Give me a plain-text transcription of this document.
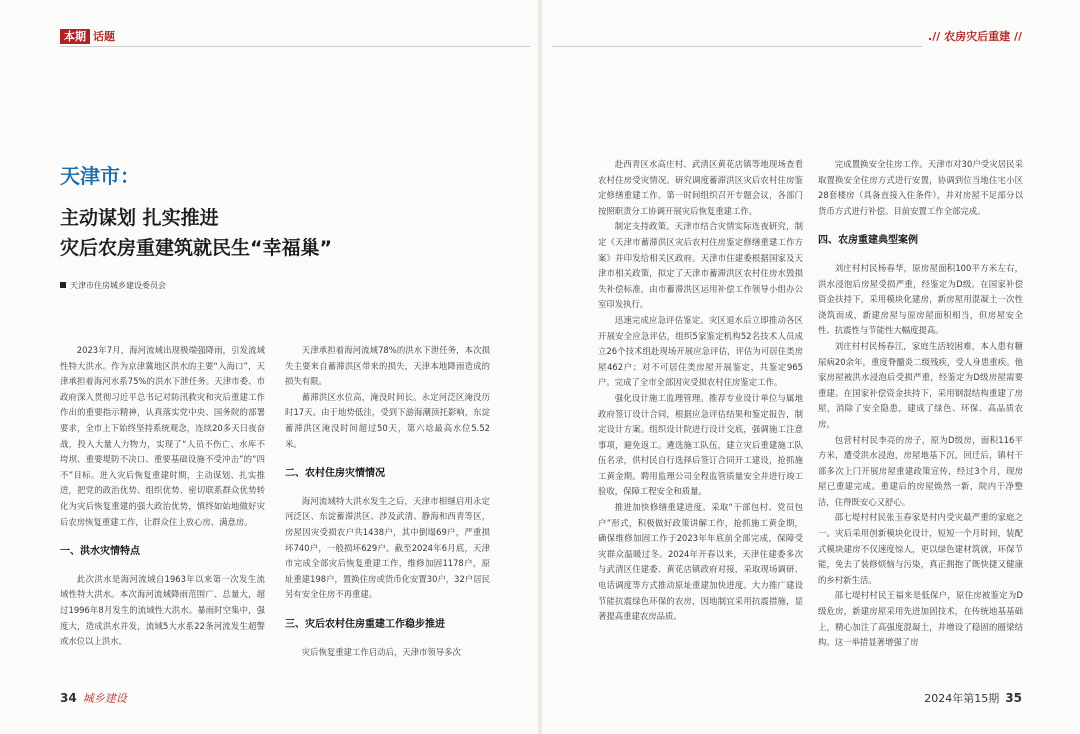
本期 话题	.// 农房灾后重建 //
天津市：
主动谋划 扎实推进
灾后农房重建筑就民生“幸福巢”
天津市住房城乡建设委员会

2023年7月，海河流域出现极端强降雨，引发流域性特大洪水。作为京津冀地区洪水的主要“入海口”，天津承担着海河水系75%的洪水下泄任务。天津市委、市政府深入贯彻习近平总书记对防汛救灾和灾后重建工作作出的重要指示精神，认真落实党中央、国务院的部署要求，全市上下始终坚持系统观念，连续20多天日夜奋战，投入大量人力物力，实现了“人员不伤亡、水库不垮坝、重要堤防不决口、重要基础设施不受冲击”的“四不”目标。进入灾后恢复重建时期，主动谋划、扎实推进，把党的政治优势、组织优势、密切联系群众优势转化为灾后恢复重建的强大政治优势，慎终如始地做好灾后农房恢复重建工作，让群众住上放心房、满意房。

一、洪水灾情特点

此次洪水是海河流域自1963年以来第一次发生流域性特大洪水。本次海河流域降雨范围广、总量大，超过1996年8月发生的流域性大洪水。暴雨时空集中，强度大，造成洪水并发，流域5大水系22条河流发生超警或水位以上洪水。

天津承担着海河流域78%的洪水下泄任务，本次损失主要来自蓄滞洪区带来的损失，天津本地降雨造成的损失有限。

蓄滞洪区水位高，淹没时间长。永定河泛区淹没历时17天。由于地势低洼，受到下游海潮顶托影响，东淀蓄滞洪区淹没时间超过50天，第六埝最高水位5.52米。

二、农村住房灾情情况

海河流域特大洪水发生之后，天津市相继启用永定河泛区、东淀蓄滞洪区、涉及武清、静海和西青等区，房屋因灾受损农户共1438户，其中倒塌69户，严重损坏740户，一般损坏629户。截至2024年6月底，天津市完成全部灾后恢复重建工作，维修加固1178户，原址重建198户，置换住房或货币化安置30户，32户居民另有安全住房不再重建。

三、灾后农村住房重建工作稳步推进

灾后恢复重建工作启动后，天津市领导多次

赴西青区水高庄村、武清区黄花店镇等地现场查看农村住房受灾情况。研究调度蓄滞洪区灾后农村住房鉴定修缮重建工作。第一时间组织召开专题会议，各部门按照职责分工协调开展灾后恢复重建工作。

制定支持政策。天津市结合灾情实际连夜研究，制定《天津市蓄滞洪区灾后农村住房鉴定修缮重建工作方案》并印发给相关区政府。天津市住建委根据国家及天津市相关政策，拟定了天津市蓄滞洪区农村住房水毁损失补偿标准，由市蓄滞洪区运用补偿工作领导小组办公室印发执行。

迅速完成应急评估鉴定。灾区退水后立即推动各区开展安全应急评估，组织5家鉴定机构52名技术人员成立26个技术组赴现场开展应急评估，评估为可居住类房屋462户；对不可居住类房屋开展鉴定，共鉴定965户。完成了全市全部因灾受损农村住房鉴定工作。

强化设计施工监理管理。推荐专业设计单位与属地政府签订设计合同，根据应急评估结果和鉴定报告，制定设计方案。组织设计院进行设计交底，强调施工注意事项，避免返工。遴选施工队伍，建立灾后重建施工队伍名录，供村民自行选择后签订合同开工建设，抢抓施工黄金期。聘用监理公司全程监管质量安全并进行竣工验收，保障工程安全和质量。

推进加快修缮重建进度。采取“干部包村、党员包户”形式，积极做好政策讲解工作，抢抓施工黄金期，确保维修加固工作于2023年年底前全部完成，保障受灾群众温暖过冬。2024年开春以来，天津住建委多次与武清区住建委、黄花店镇政府对接，采取现场调研、电话调度等方式推动原址重建加快进度。大力推广建设节能抗震绿色环保的农房，因地制宜采用抗震措施，显著提高重建农房品质。

完成置换安全住房工作。天津市对30户受灾居民采取置换安全住房方式进行安置，协调到位当地住宅小区28套楼房（具备直接入住条件），并对房屋不足部分以货币方式进行补偿。目前安置工作全部完成。

四、农房重建典型案例

刘庄村村民杨春华，原房屋面积100平方米左右，洪水浸泡后房屋受损严重，经鉴定为D级。在国家补偿资金扶持下，采用模块化建房，新房屋用混凝土一次性浇筑而成，新建房屋与原房屋面积相当，但房屋安全性、抗震性与节能性大幅度提高。

刘庄村村民杨春江，家庭生活较困难，本人患有糖尿病20余年，重度脊髓炎二级残疾，受人身患重疾。他家房屋被洪水浸泡后受损严重，经鉴定为D级房屋需要重建。在国家补偿资金扶持下，采用钢混结构重建了房屋，消除了安全隐患，建成了绿色、环保、高品质农房。

包营村村民李亮的房子，原为D级房，面积116平方米，遭受洪水浸泡，房屋地基下沉，回迁后，镇村干部多次上门开展房屋重建政策宣传，经过3个月，现房屋已重建完成。重建后的房屋焕然一新，院内干净整洁，住得既安心又舒心。

邵七堤村村民张玉春家是村内受灾最严重的家庭之一。灾后采用创新模块化设计，短短一个月时间，装配式模块建房不仅速度惊人，更以绿色建材筑就，环保节能，免去了装修烦恼与污染，真正拥抱了既快捷又健康的乡村新生活。

邵七堤村村民王福来是低保户，原住房被鉴定为D级危房，新建房屋采用先进加固技术，在传统地基基础上，精心加注了高强度混凝土，并增设了稳固的圈梁结构。这一举措显著增强了房

34 城乡建设	2024年第15期 35
